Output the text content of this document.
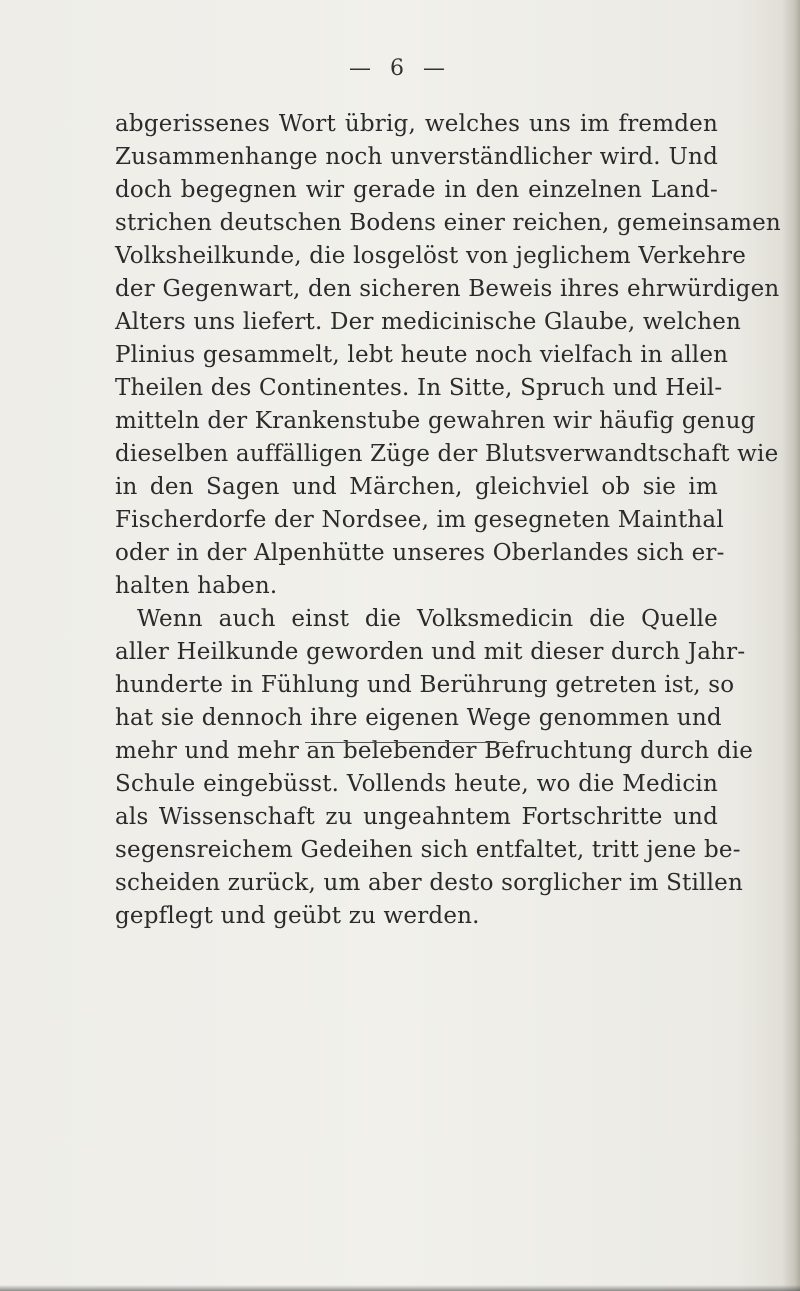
— 6 —
abgerissenes Wort übrig, welches uns im fremden
Zusammenhange noch unverständlicher wird. Und
doch begegnen wir gerade in den einzelnen Land-
strichen deutschen Bodens einer reichen, gemeinsamen
Volksheilkunde, die losgelöst von jeglichem Verkehre
der Gegenwart, den sicheren Beweis ihres ehrwürdigen
Alters uns liefert. Der medicinische Glaube, welchen
Plinius gesammelt, lebt heute noch vielfach in allen
Theilen des Continentes. In Sitte, Spruch und Heil-
mitteln der Krankenstube gewahren wir häufig genug
dieselben auffälligen Züge der Blutsverwandtschaft wie
in den Sagen und Märchen, gleichviel ob sie im
Fischerdorfe der Nordsee, im gesegneten Mainthal
oder in der Alpenhütte unseres Oberlandes sich er-
halten haben.
Wenn auch einst die Volksmedicin die Quelle
aller Heilkunde geworden und mit dieser durch Jahr-
hunderte in Fühlung und Berührung getreten ist, so
hat sie dennoch ihre eigenen Wege genommen und
mehr und mehr an belebender Befruchtung durch die
Schule eingebüsst. Vollends heute, wo die Medicin
als Wissenschaft zu ungeahntem Fortschritte und
segensreichem Gedeihen sich entfaltet, tritt jene be-
scheiden zurück, um aber desto sorglicher im Stillen
gepflegt und geübt zu werden.
